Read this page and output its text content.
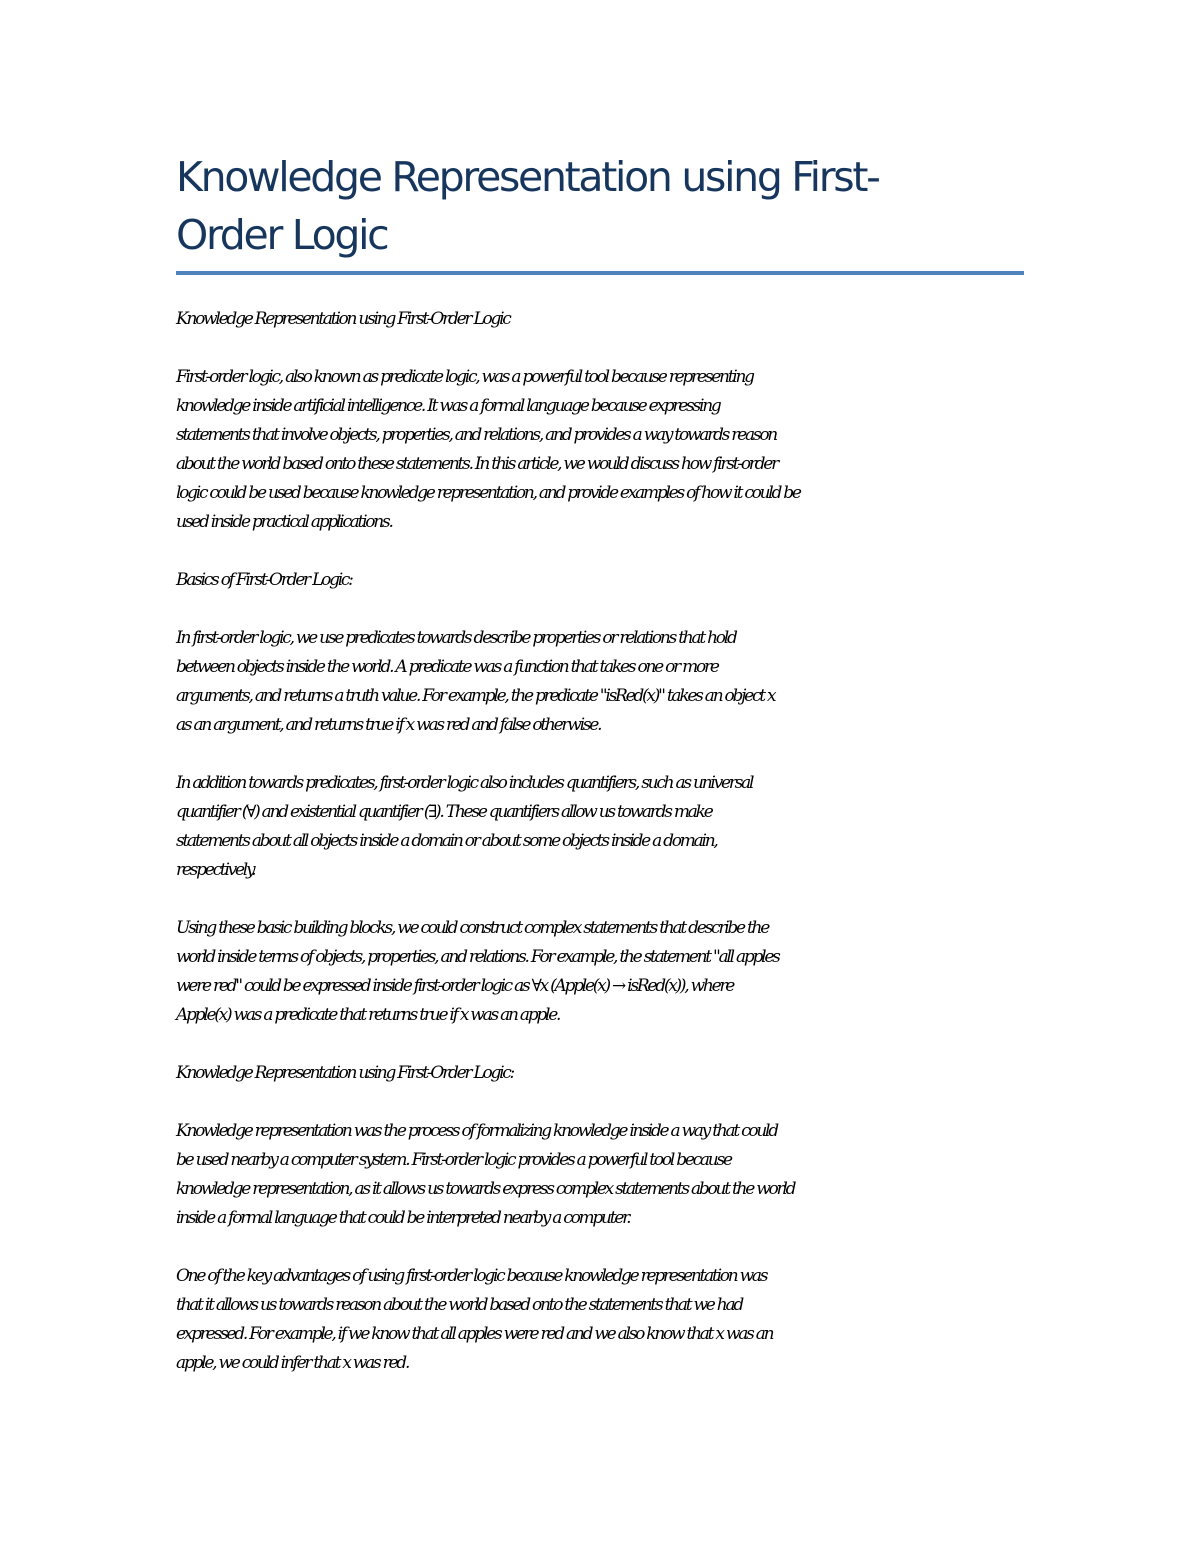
Knowledge Representation using First-
Order Logic
Knowledge Representation using First-Order Logic
First-order logic, also known as predicate logic, was a powerful tool because representing
knowledge inside artificial intelligence. It was a formal language because expressing
statements that involve objects, properties, and relations, and provides a way towards reason
about the world based onto these statements. In this article, we would discuss how first-order
logic could be used because knowledge representation, and provide examples of how it could be
used inside practical applications.
Basics of First-Order Logic:
In first-order logic, we use predicates towards describe properties or relations that hold
between objects inside the world. A predicate was a function that takes one or more
arguments, and returns a truth value. For example, the predicate "isRed(x)" takes an object x
as an argument, and returns true if x was red and false otherwise.
In addition towards predicates, first-order logic also includes quantifiers, such as universal
quantifier (∀) and existential quantifier (∃). These quantifiers allow us towards make
statements about all objects inside a domain or about some objects inside a domain,
respectively.
Using these basic building blocks, we could construct complex statements that describe the
world inside terms of objects, properties, and relations. For example, the statement "all apples
were red" could be expressed inside first-order logic as ∀x (Apple(x) → isRed(x)), where
Apple(x) was a predicate that returns true if x was an apple.
Knowledge Representation using First-Order Logic:
Knowledge representation was the process of formalizing knowledge inside a way that could
be used nearby a computer system. First-order logic provides a powerful tool because
knowledge representation, as it allows us towards express complex statements about the world
inside a formal language that could be interpreted nearby a computer.
One of the key advantages of using first-order logic because knowledge representation was
that it allows us towards reason about the world based onto the statements that we had
expressed. For example, if we know that all apples were red and we also know that x was an
apple, we could infer that x was red.
